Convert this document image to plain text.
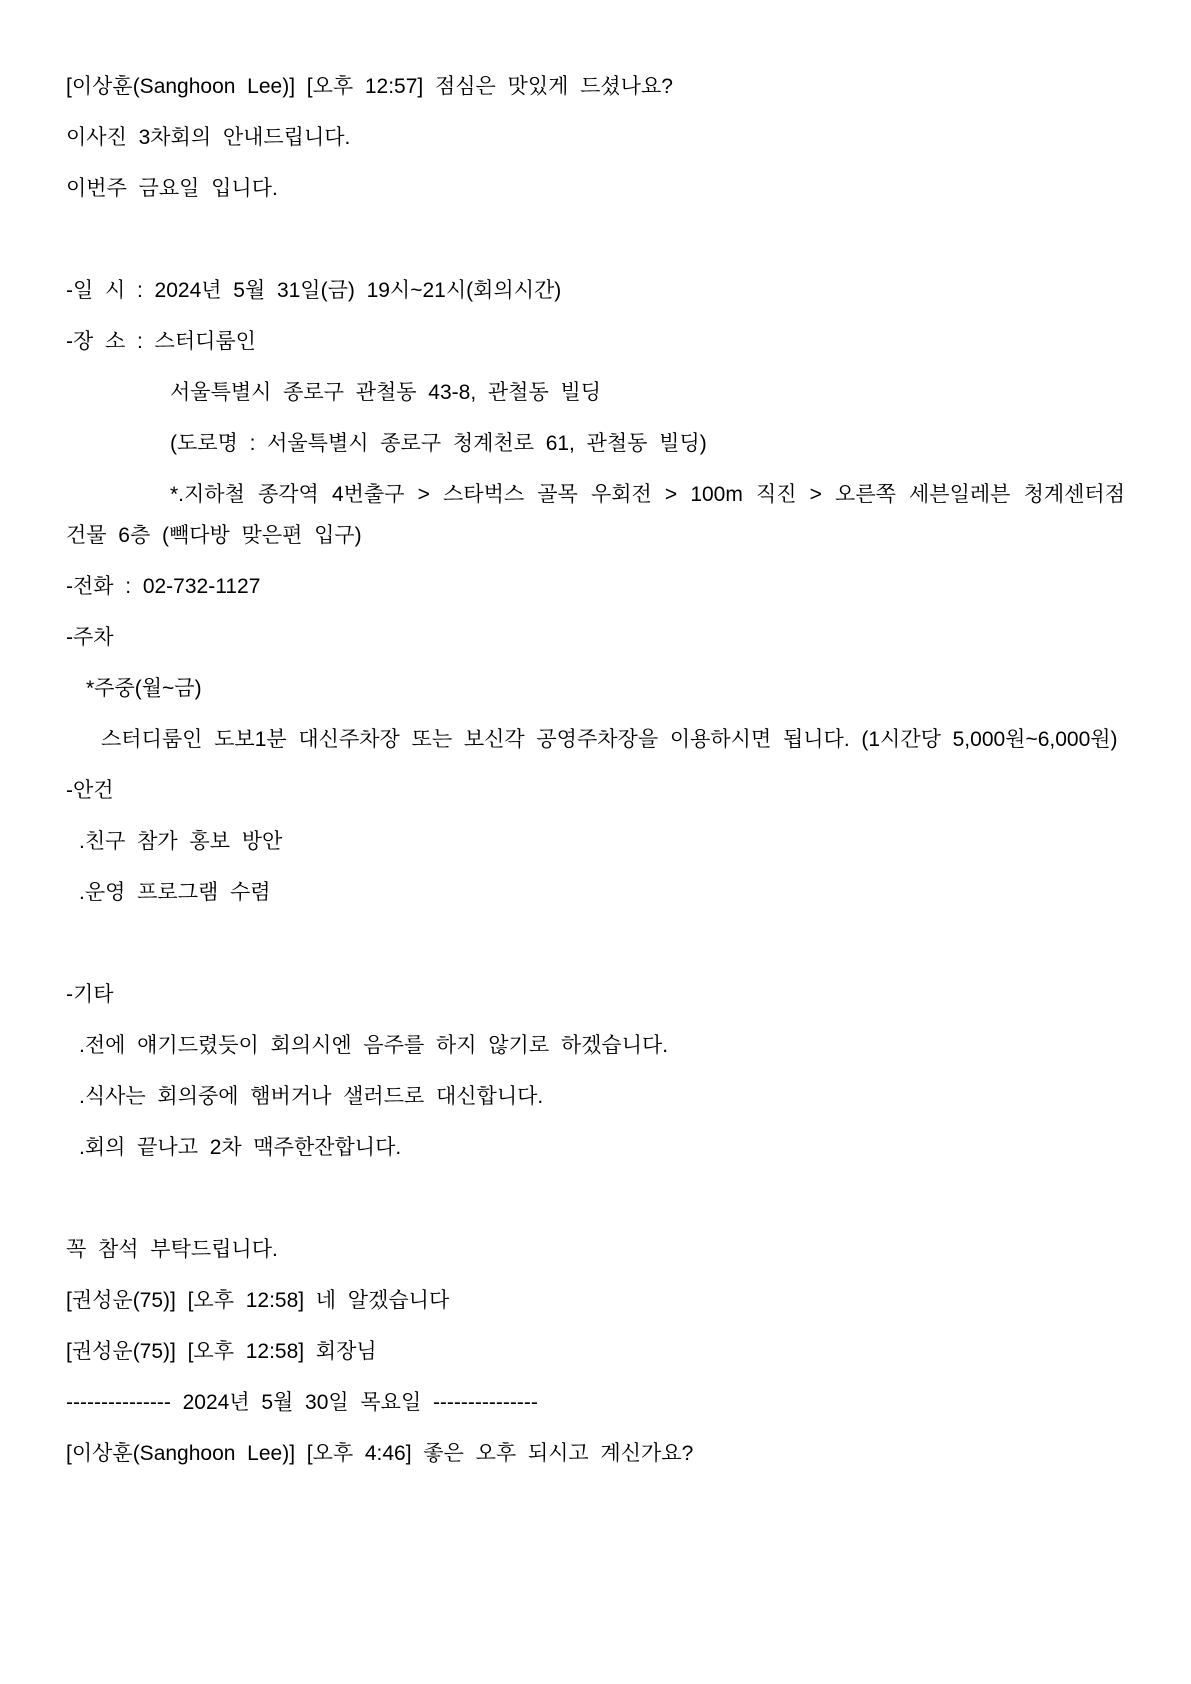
[이상훈(Sanghoon Lee)] [오후 12:57] 점심은 맛있게 드셨나요?

이사진 3차회의 안내드립니다.

이번주 금요일 입니다.

-일 시 : 2024년 5월 31일(금) 19시~21시(회의시간)

-장 소 : 스터디룸인

서울특별시 종로구 관철동 43-8, 관철동 빌딩

(도로명 : 서울특별시 종로구 청계천로 61, 관철동 빌딩)

*.지하철 종각역 4번출구 > 스타벅스 골목 우회전 > 100m 직진 > 오른쪽 세븐일레븐 청계센터점 건물 6층 (빽다방 맞은편 입구)

-전화 : 02-732-1127

-주차

*주중(월~금)

스터디룸인 도보1분 대신주차장 또는 보신각 공영주차장을 이용하시면 됩니다. (1시간당 5,000원~6,000원)

-안건

.친구 참가 홍보 방안

.운영 프로그램 수렴

-기타

.전에 얘기드렸듯이 회의시엔 음주를 하지 않기로 하겠습니다.

.식사는 회의중에 햄버거나 샐러드로 대신합니다.

.회의 끝나고 2차 맥주한잔합니다.

꼭 참석 부탁드립니다.

[권성운(75)] [오후 12:58] 네 알겠습니다

[권성운(75)] [오후 12:58] 회장님

--------------- 2024년 5월 30일 목요일 ---------------

[이상훈(Sanghoon Lee)] [오후 4:46] 좋은 오후 되시고 계신가요?
